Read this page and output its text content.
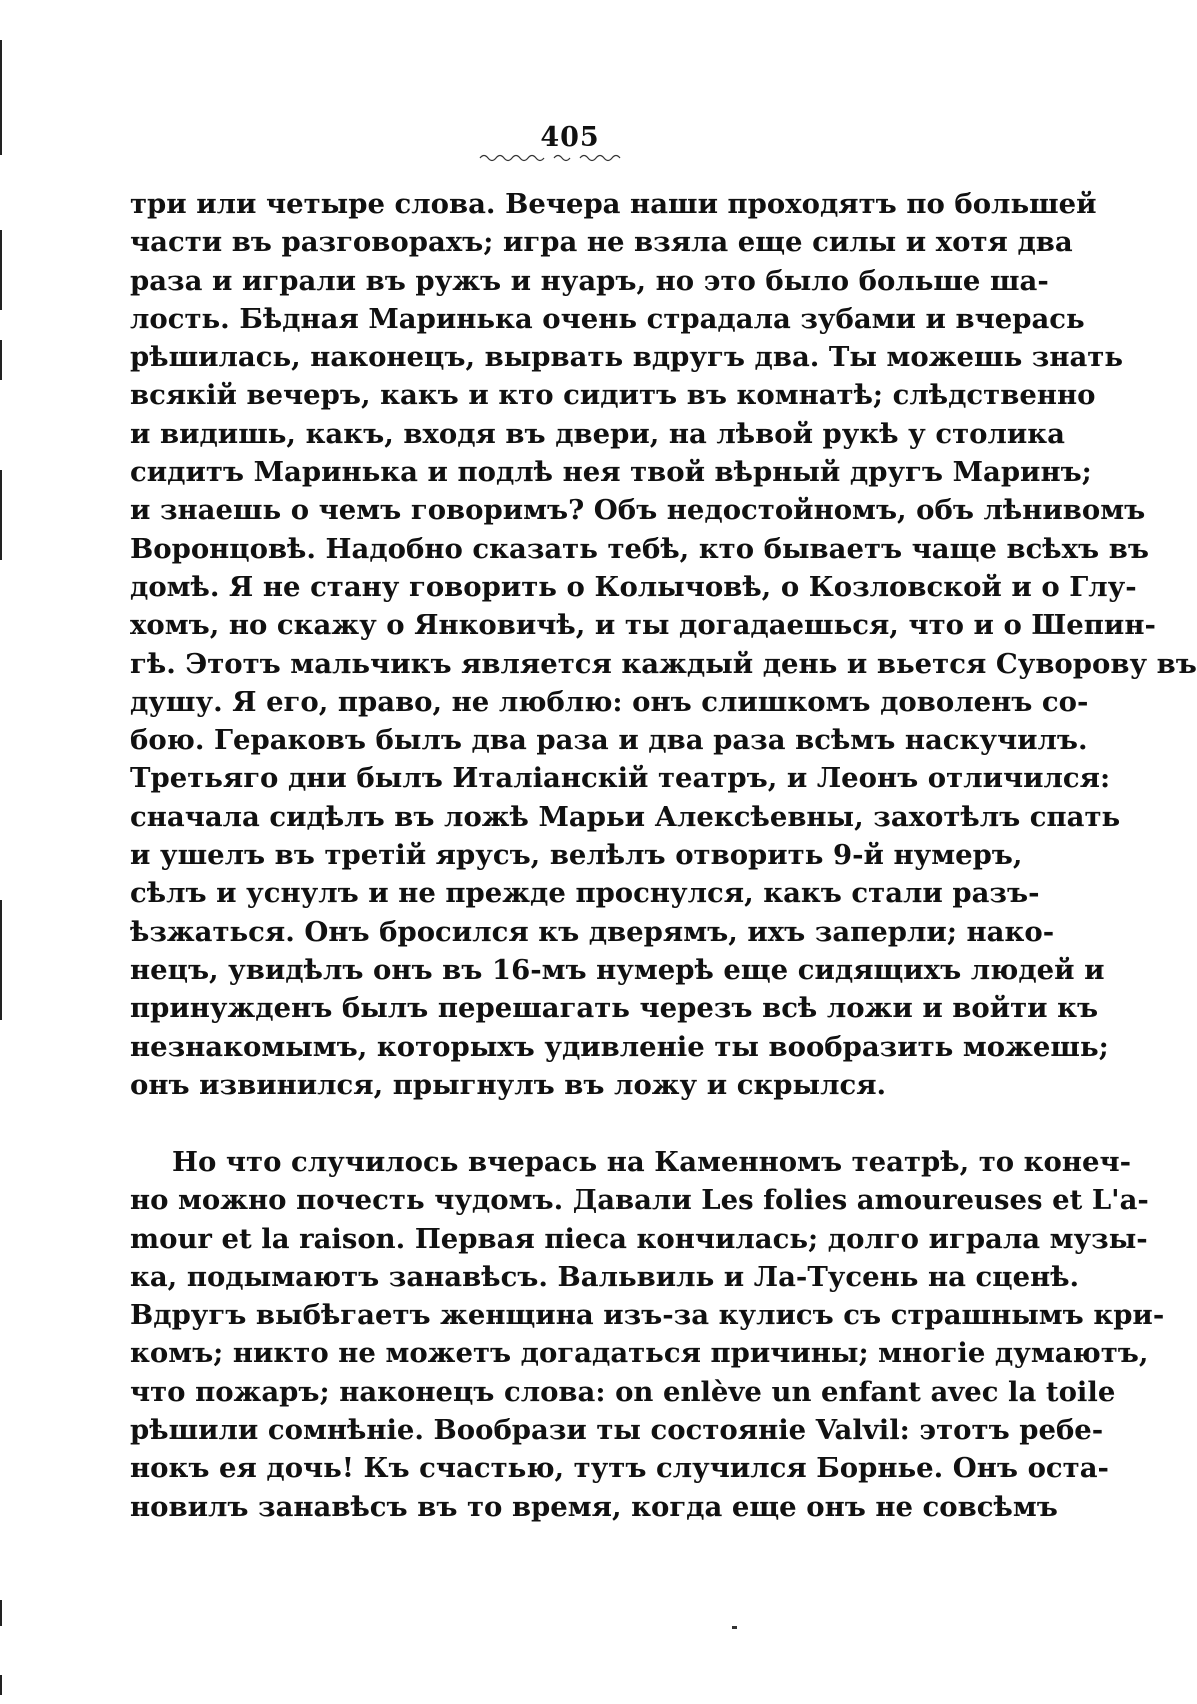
405
три или четыре слова. Вечера наши проходятъ по большей
части въ разговорахъ; игра не взяла еще силы и хотя два
раза и играли въ ружъ и нуаръ, но это было больше ша-
лость. Бѣдная Маринька очень страдала зубами и вчерась
рѣшилась, наконецъ, вырвать вдругъ два. Ты можешь знать
всякій вечеръ, какъ и кто сидитъ въ комнатѣ; слѣдственно
и видишь, какъ, входя въ двери, на лѣвой рукѣ у столика
сидитъ Маринька и подлѣ нея твой вѣрный другъ Маринъ;
и знаешь о чемъ говоримъ? Объ недостойномъ, объ лѣнивомъ
Воронцовѣ. Надобно сказать тебѣ, кто бываетъ чаще всѣхъ въ
домѣ. Я не стану говорить о Колычовѣ, о Козловской и о Глу-
хомъ, но скажу о Янковичѣ, и ты догадаешься, что и о Шепин-
гѣ. Этотъ мальчикъ является каждый день и вьется Суворову въ
душу. Я его, право, не люблю: онъ слишкомъ доволенъ со-
бою. Гераковъ былъ два раза и два раза всѣмъ наскучилъ.
Третьяго дни былъ Италіанскій театръ, и Леонъ отличился:
сначала сидѣлъ въ ложѣ Марьи Алексѣевны, захотѣлъ спать
и ушелъ въ третій ярусъ, велѣлъ отворить 9-й нумеръ,
сѣлъ и уснулъ и не прежде проснулся, какъ стали разъ-
ѣзжаться. Онъ бросился къ дверямъ, ихъ заперли; нако-
нецъ, увидѣлъ онъ въ 16-мъ нумерѣ еще сидящихъ людей и
принужденъ былъ перешагать черезъ всѣ ложи и войти къ
незнакомымъ, которыхъ удивленіе ты вообразить можешь;
онъ извинился, прыгнулъ въ ложу и скрылся.
Но что случилось вчерась на Каменномъ театрѣ, то конеч-
но можно почесть чудомъ. Давали Les folies amoureuses et L'a-
mour et la raison. Первая піеса кончилась; долго играла музы-
ка, подымаютъ занавѣсъ. Вальвиль и Ла-Тусень на сценѣ.
Вдругъ выбѣгаетъ женщина изъ-за кулисъ съ страшнымъ кри-
комъ; никто не можетъ догадаться причины; многіе думаютъ,
что пожаръ; наконецъ слова: on enlève un enfant avec la toile
рѣшили сомнѣніе. Вообрази ты состояніе Valvil: этотъ ребе-
нокъ ея дочь! Къ счастью, тутъ случился Борнье. Онъ оста-
новилъ занавѣсъ въ то время, когда еще онъ не совсѣмъ
